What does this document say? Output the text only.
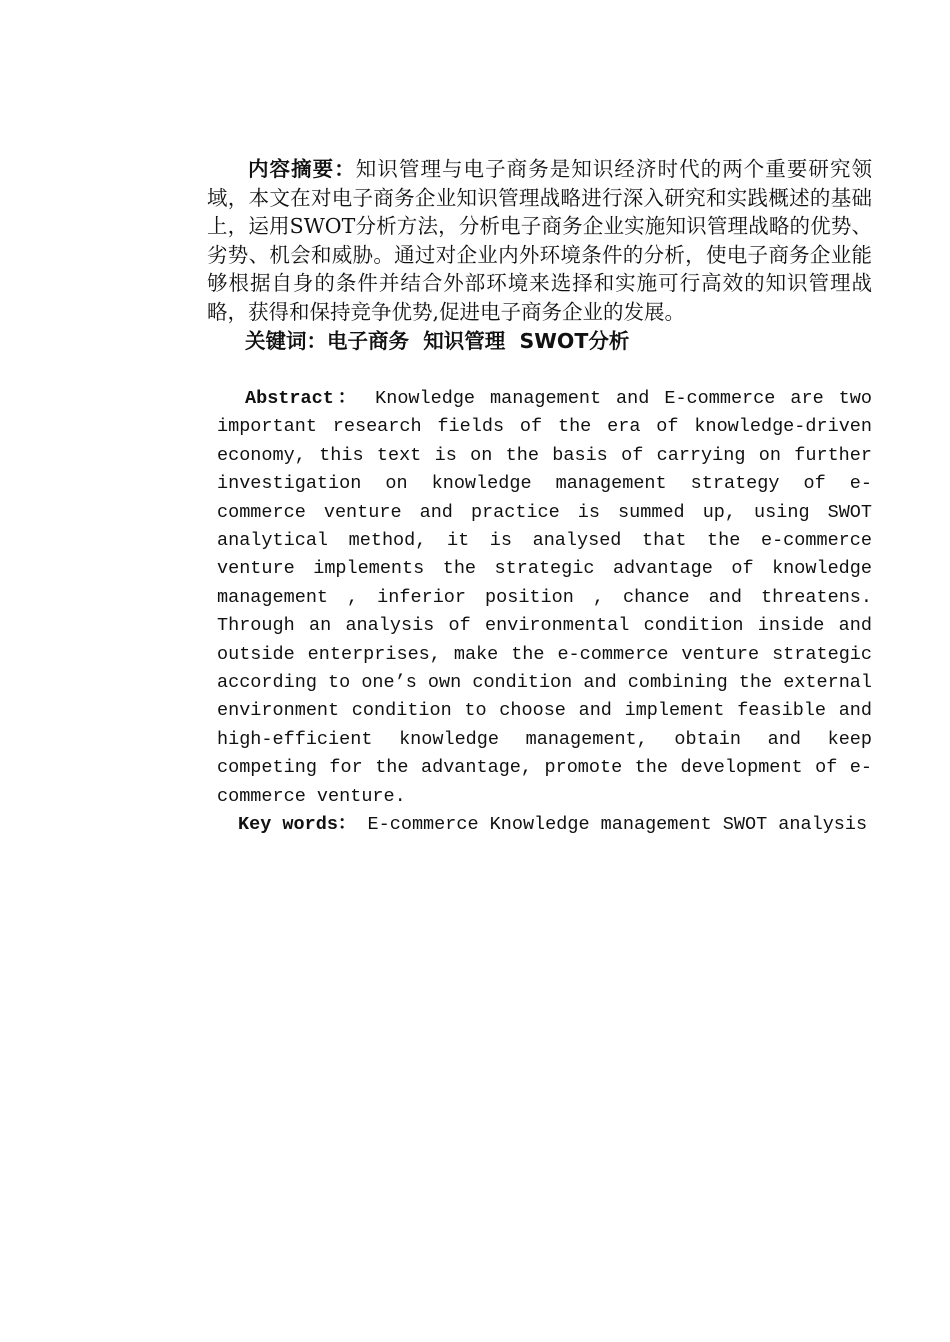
内容摘要：知识管理与电子商务是知识经济时代的两个重要研究领域，本文在对电子商务企业知识管理战略进行深入研究和实践概述的基础上，运用SWOT分析方法，分析电子商务企业实施知识管理战略的优势、劣势、机会和威胁。通过对企业内外环境条件的分析，使电子商务企业能够根据自身的条件并结合外部环境来选择和实施可行高效的知识管理战略，获得和保持竞争优势,促进电子商务企业的发展。

关键词：电子商务  知识管理  SWOT分析

Abstract： Knowledge management and E-commerce are two important research fields of the era of knowledge-driven economy, this text is on the basis of carrying on further investigation on knowledge management strategy of e-commerce venture and practice is summed up, using SWOT analytical method, it is analysed that the e-commerce venture implements the strategic advantage of knowledge management , inferior position , chance and threatens. Through an analysis of environmental condition inside and outside enterprises, make the e-commerce venture strategic according to one’s own condition and combining the external environment condition to choose and implement feasible and high-efficient knowledge management, obtain and keep competing for the advantage, promote the development of e-commerce venture.

Key words： E-commerce Knowledge management SWOT analysis
